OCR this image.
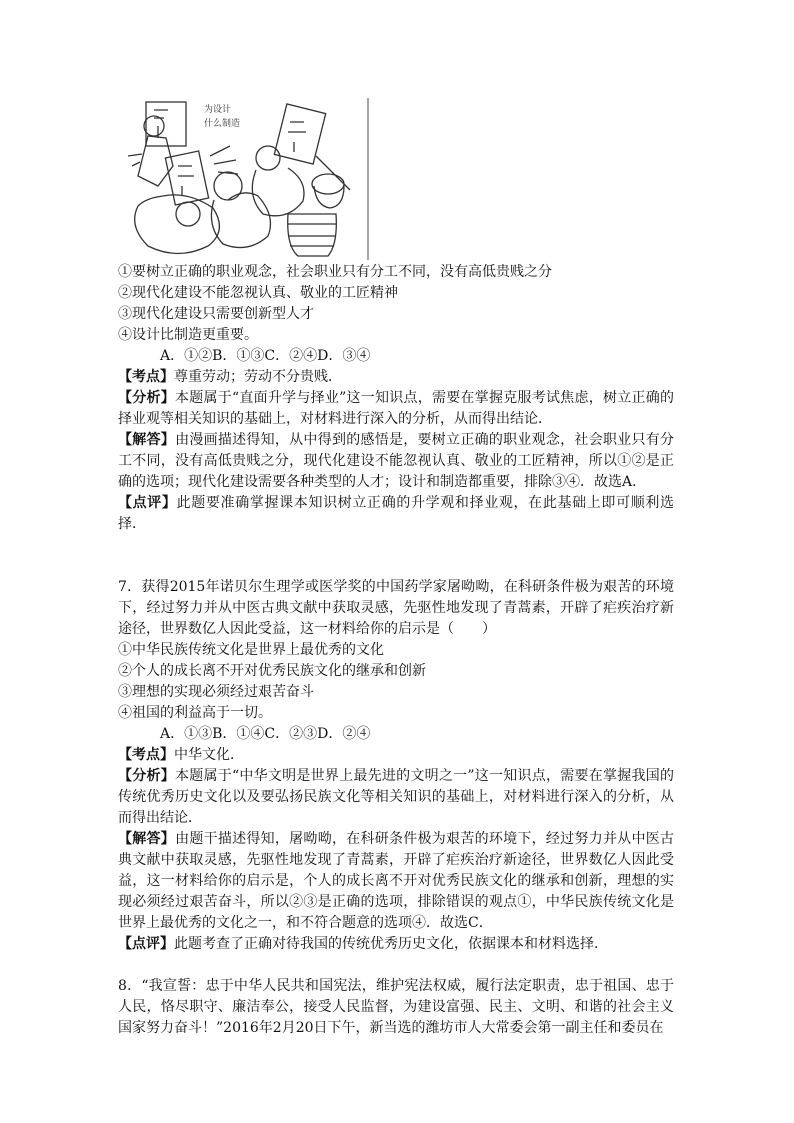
为设计
什么制造
①要树立正确的职业观念，社会职业只有分工不同，没有高低贵贱之分
②现代化建设不能忽视认真、敬业的工匠精神
③现代化建设只需要创新型人才
④设计比制造更重要。
A．①②B．①③C．②④D．③④
【考点】尊重劳动；劳动不分贵贱．
【分析】本题属于“直面升学与择业”这一知识点，需要在掌握克服考试焦虑，树立正确的择业观等相关知识的基础上，对材料进行深入的分析，从而得出结论．
【解答】由漫画描述得知，从中得到的感悟是，要树立正确的职业观念，社会职业只有分工不同，没有高低贵贱之分，现代化建设不能忽视认真、敬业的工匠精神，所以①②是正确的选项；现代化建设需要各种类型的人才；设计和制造都重要，排除③④．故选A．
【点评】此题要准确掌握课本知识树立正确的升学观和择业观，在此基础上即可顺利选择．
7．获得2015年诺贝尔生理学或医学奖的中国药学家屠呦呦，在科研条件极为艰苦的环境下，经过努力并从中医古典文献中获取灵感，先驱性地发现了青蒿素，开辟了疟疾治疗新途径，世界数亿人因此受益，这一材料给你的启示是（　　）
①中华民族传统文化是世界上最优秀的文化
②个人的成长离不开对优秀民族文化的继承和创新
③理想的实现必须经过艰苦奋斗
④祖国的利益高于一切。
A．①③B．①④C．②③D．②④
【考点】中华文化．
【分析】本题属于“中华文明是世界上最先进的文明之一”这一知识点，需要在掌握我国的传统优秀历史文化以及要弘扬民族文化等相关知识的基础上，对材料进行深入的分析，从而得出结论．
【解答】由题干描述得知，屠呦呦，在科研条件极为艰苦的环境下，经过努力并从中医古典文献中获取灵感，先驱性地发现了青蒿素，开辟了疟疾治疗新途径，世界数亿人因此受益，这一材料给你的启示是，个人的成长离不开对优秀民族文化的继承和创新，理想的实现必须经过艰苦奋斗，所以②③是正确的选项，排除错误的观点①，中华民族传统文化是世界上最优秀的文化之一，和不符合题意的选项④．故选C．
【点评】此题考查了正确对待我国的传统优秀历史文化，依据课本和材料选择．
8．“我宣誓：忠于中华人民共和国宪法，维护宪法权威，履行法定职责，忠于祖国、忠于人民，恪尽职守、廉洁奉公，接受人民监督，为建设富强、民主、文明、和谐的社会主义国家努力奋斗！”2016年2月20日下午，新当选的潍坊市人大常委会第一副主任和委员在
